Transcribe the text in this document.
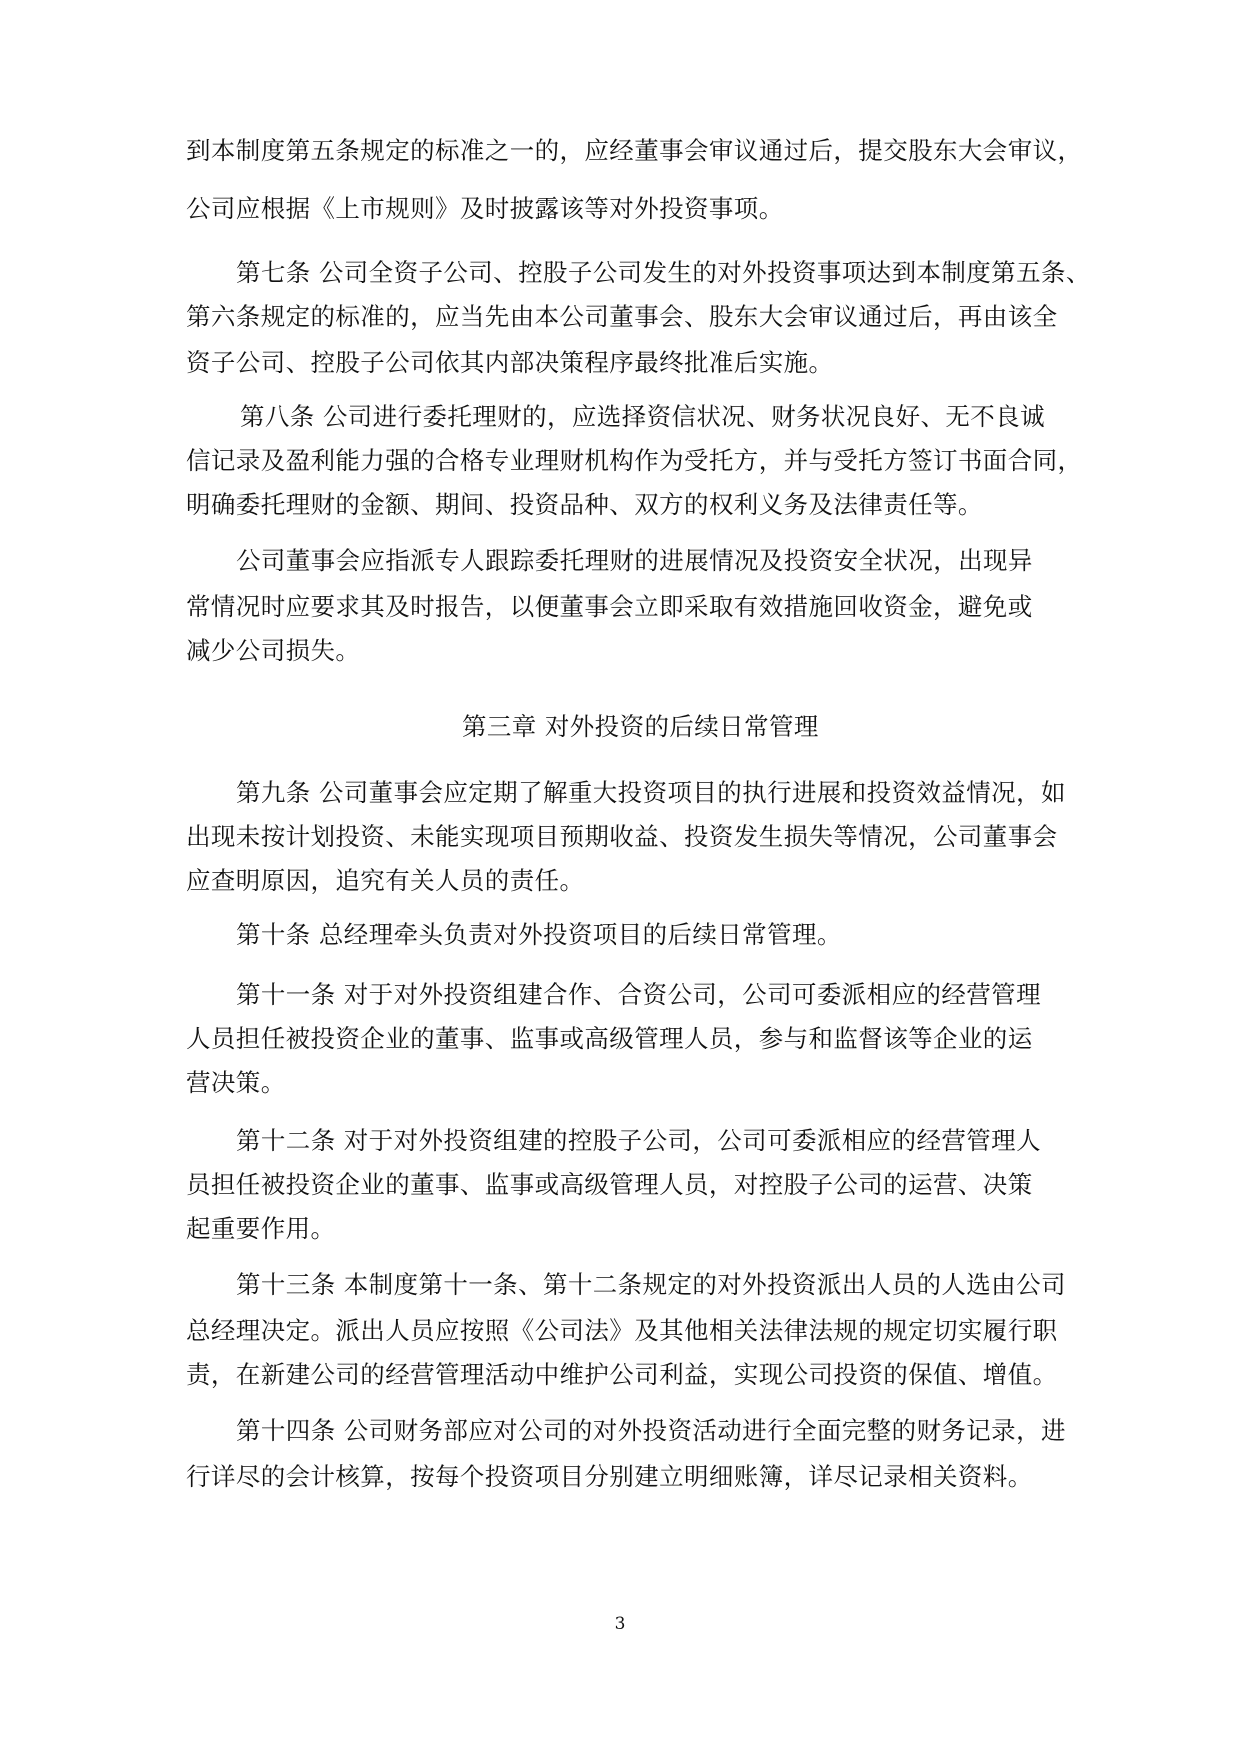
到本制度第五条规定的标准之一的，应经董事会审议通过后，提交股东大会审议，
公司应根据《上市规则》及时披露该等对外投资事项。
第七条 公司全资子公司、控股子公司发生的对外投资事项达到本制度第五条、
第六条规定的标准的，应当先由本公司董事会、股东大会审议通过后，再由该全
资子公司、控股子公司依其内部决策程序最终批准后实施。
第八条 公司进行委托理财的，应选择资信状况、财务状况良好、无不良诚
信记录及盈利能力强的合格专业理财机构作为受托方，并与受托方签订书面合同，
明确委托理财的金额、期间、投资品种、双方的权利义务及法律责任等。
公司董事会应指派专人跟踪委托理财的进展情况及投资安全状况，出现异
常情况时应要求其及时报告，以便董事会立即采取有效措施回收资金，避免或
减少公司损失。
第三章 对外投资的后续日常管理
第九条 公司董事会应定期了解重大投资项目的执行进展和投资效益情况，如
出现未按计划投资、未能实现项目预期收益、投资发生损失等情况，公司董事会
应查明原因，追究有关人员的责任。
第十条 总经理牵头负责对外投资项目的后续日常管理。
第十一条 对于对外投资组建合作、合资公司，公司可委派相应的经营管理
人员担任被投资企业的董事、监事或高级管理人员，参与和监督该等企业的运
营决策。
第十二条 对于对外投资组建的控股子公司，公司可委派相应的经营管理人
员担任被投资企业的董事、监事或高级管理人员，对控股子公司的运营、决策
起重要作用。
第十三条 本制度第十一条、第十二条规定的对外投资派出人员的人选由公司
总经理决定。派出人员应按照《公司法》及其他相关法律法规的规定切实履行职
责，在新建公司的经营管理活动中维护公司利益，实现公司投资的保值、增值。
第十四条 公司财务部应对公司的对外投资活动进行全面完整的财务记录，进
行详尽的会计核算，按每个投资项目分别建立明细账簿，详尽记录相关资料。
3
